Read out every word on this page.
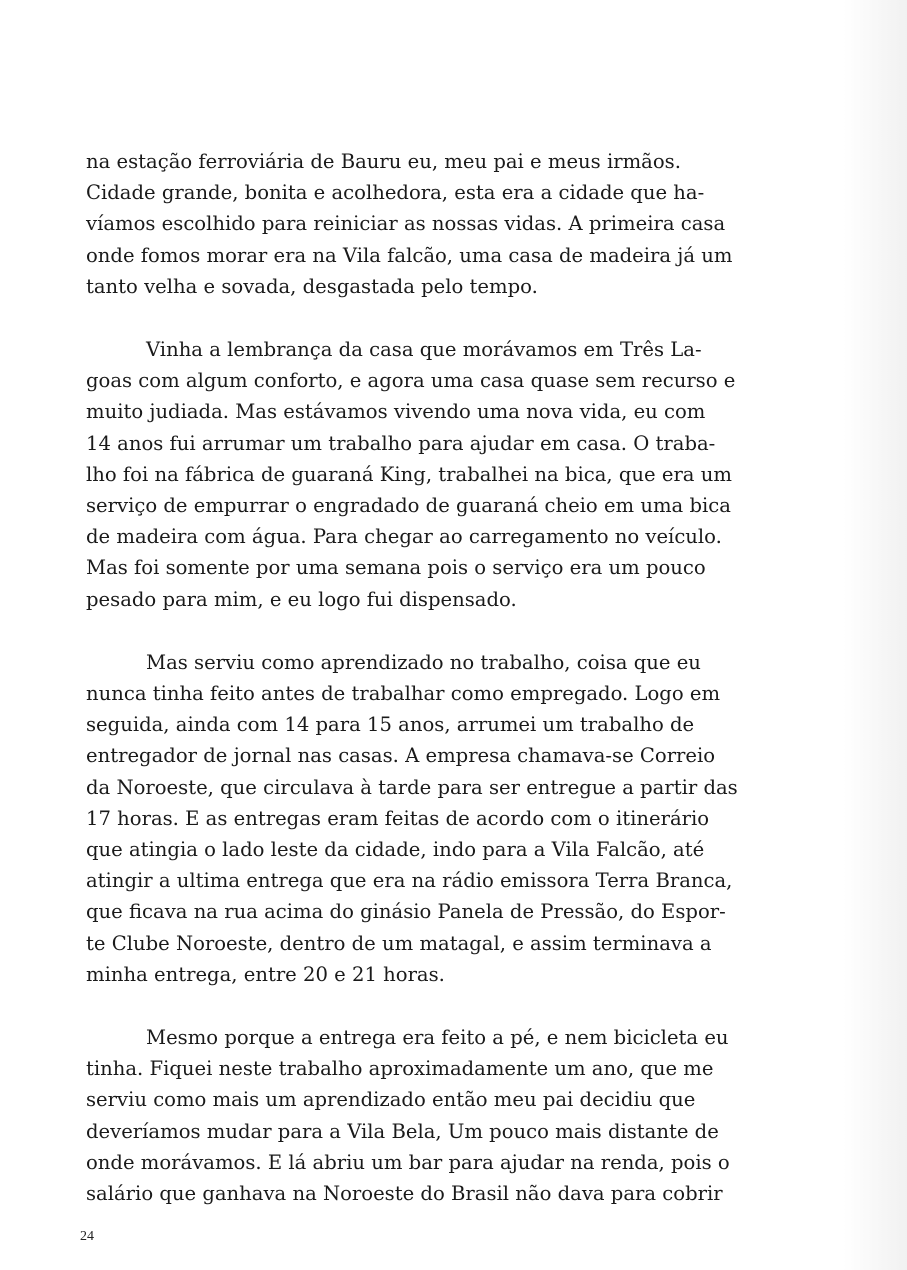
na estação ferroviária de Bauru eu, meu pai e meus irmãos.
Cidade grande, bonita e acolhedora, esta era a cidade que ha-
víamos escolhido para reiniciar as nossas vidas. A primeira casa
onde fomos morar era na Vila falcão, uma casa de madeira já um
tanto velha e sovada, desgastada pelo tempo.
Vinha a lembrança da casa que morávamos em Três La-
goas com algum conforto, e agora uma casa quase sem recurso e
muito judiada. Mas estávamos vivendo uma nova vida, eu com
14 anos fui arrumar um trabalho para ajudar em casa. O traba-
lho foi na fábrica de guaraná King, trabalhei na bica, que era um
serviço de empurrar o engradado de guaraná cheio em uma bica
de madeira com água. Para chegar ao carregamento no veículo.
Mas foi somente por uma semana pois o serviço era um pouco
pesado para mim, e eu logo fui dispensado.
Mas serviu como aprendizado no trabalho, coisa que eu
nunca tinha feito antes de trabalhar como empregado. Logo em
seguida, ainda com 14 para 15 anos, arrumei um trabalho de
entregador de jornal nas casas. A empresa chamava-se Correio
da Noroeste, que circulava à tarde para ser entregue a partir das
17 horas. E as entregas eram feitas de acordo com o itinerário
que atingia o lado leste da cidade, indo para a Vila Falcão, até
atingir a ultima entrega que era na rádio emissora Terra Branca,
que ficava na rua acima do ginásio Panela de Pressão, do Espor-
te Clube Noroeste, dentro de um matagal, e assim terminava a
minha entrega, entre 20 e 21 horas.
Mesmo porque a entrega era feito a pé, e nem bicicleta eu
tinha. Fiquei neste trabalho aproximadamente um ano, que me
serviu como mais um aprendizado então meu pai decidiu que
deveríamos mudar para a Vila Bela, Um pouco mais distante de
onde morávamos. E lá abriu um bar para ajudar na renda, pois o
salário que ganhava na Noroeste do Brasil não dava para cobrir
24
